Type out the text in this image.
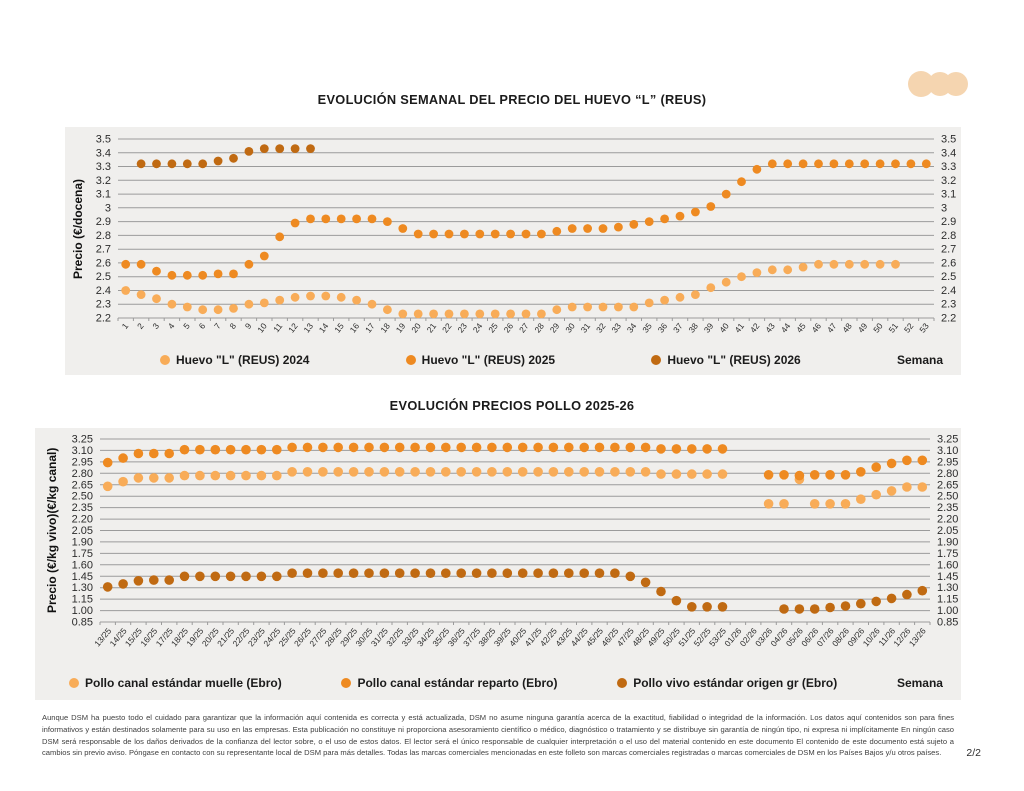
EVOLUCIÓN SEMANAL DEL PRECIO DEL HUEVO “L” (REUS)
3.5	3.5
3.4	3.4
3.3	3.3
3.2	3.2
3.1	3.1
3	3
2.9	2.9
2.8	2.8
2.7	2.7
2.6	2.6
2.5	2.5
2.4	2.4
2.3	2.3
2.2	2.2
1 2 3 4 5 6 7 8 9 10 11 12 13 14 15 16 17 18 19 20 21 22 23 24 25 26 27 28 29 30 31 32 33 34 35 36 37 38 39 40 41 42 43 44 45 46 47 48 49 50 51 52 53
Precio (€/docena)
Huevo "L" (REUS) 2024	Huevo "L" (REUS) 2025	Huevo "L" (REUS) 2026	Semana
EVOLUCIÓN PRECIOS POLLO 2025-26
3.25	3.25
3.10	3.10
2.95	2.95
2.80	2.80
2.65	2.65
2.50	2.50
2.35	2.35
2.20	2.20
2.05	2.05
1.90	1.90
1.75	1.75
1.60	1.60
1.45	1.45
1.30	1.30
1.15	1.15
1.00	1.00
0.85	0.85
13/25
14/25
15/25
16/25
17/25
18/25
19/25
20/25
21/25
22/25
23/25
24/25
25/25
26/25
27/25
28/25
29/25
30/25
31/25
32/25
33/25
34/25
35/25
36/25
37/25
38/25
39/25
40/25
41/25
42/25
43/25
44/25
45/25
46/25
47/25
48/25
49/25
50/25
51/25
52/25
53/25
01/26
02/26
03/26
04/26
05/26
06/26
07/26
08/26
09/26
10/26
11/26
12/26
13/26
Precio (€/kg vivo)(€/kg canal)
Pollo canal estándar muelle (Ebro)	Pollo canal estándar reparto (Ebro)	Pollo vivo estándar origen gr (Ebro)	Semana
Aunque DSM ha puesto todo el cuidado para garantizar que la información aquí contenida es correcta y está actualizada, DSM no asume ninguna garantía acerca de la exactitud, fiabilidad o integridad de la información. Los datos aquí contenidos son para fines informativos y están destinados solamente para su uso en las empresas. Esta publicación no constituye ni proporciona asesoramiento científico o médico, diagnóstico o tratamiento y se distribuye sin garantía de ningún tipo, ni expresa ni implícitamente En ningún caso DSM será responsable de los daños derivados de la confianza del lector sobre, o el uso de estos datos. El lector será el único responsable de cualquier interpretación o el uso del material contenido en este documento El contenido de este documento está sujeto a cambios sin previo aviso. Póngase en contacto con su representante local de DSM para más detalles. Todas las marcas comerciales mencionadas en este folleto son marcas comerciales registradas o marcas comerciales de DSM en los Países Bajos y/u otros países.	2/2
